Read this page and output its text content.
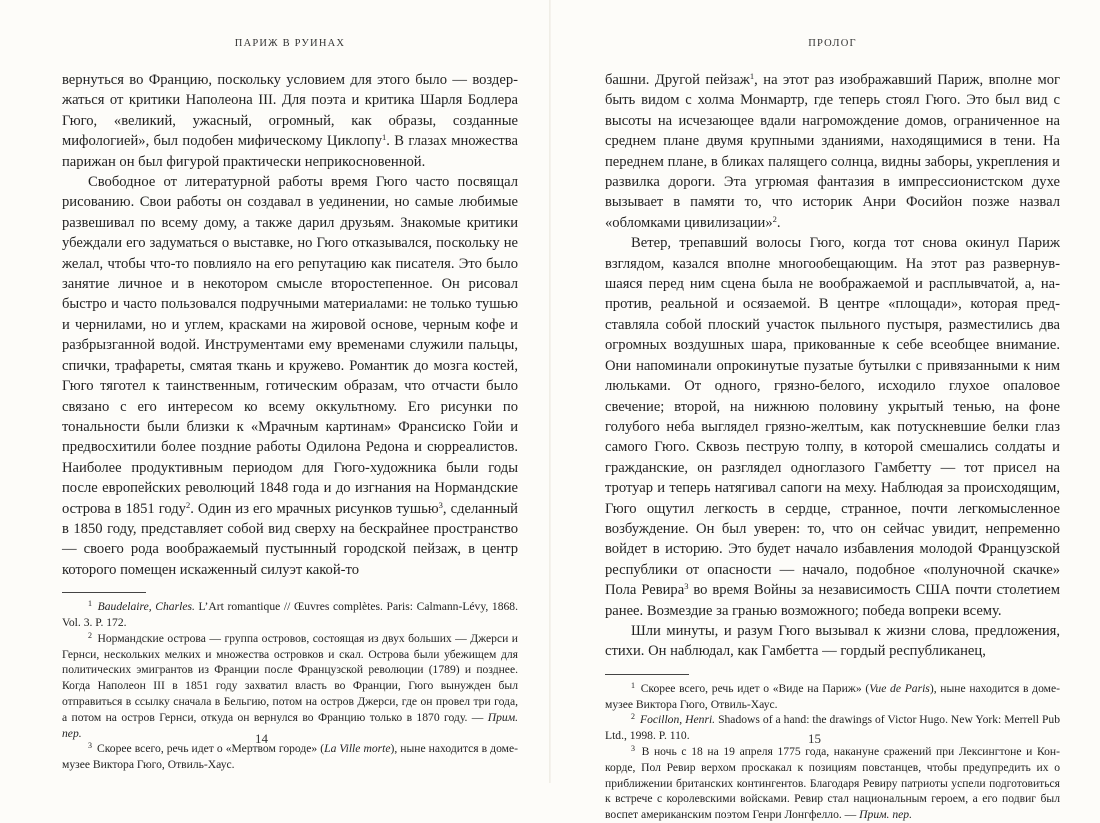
ПАРИЖ В РУИНАХ

вернуться во Францию, поскольку условием для этого было — воздержаться от критики Наполеона III. Для поэта и критика Шарля Бодлера Гюго, «великий, ужасный, огромный, как образы, созданные мифологией», был подобен мифическому Циклопу$^1$. В глазах множества парижан он был фигурой практически неприкосновенной.

Свободное от литературной работы время Гюго часто посвящал рисованию. Свои работы он создавал в уединении, но самые любимые развешивал по всему дому, а также дарил друзьям. Знакомые критики убеждали его задуматься о выставке, но Гюго отказывался, поскольку не желал, чтобы что-то повлияло на его репутацию как писателя. Это было занятие личное и в некотором смысле второстепенное. Он рисовал быстро и часто пользовался подручными материалами: не только тушью и чернилами, но и углем, красками на жировой основе, черным кофе и разбрызганной водой. Инструментами ему временами служили пальцы, спички, трафареты, смятая ткань и кружево. Романтик до мозга костей, Гюго тяготел к таинственным, готическим образам, что отчасти было связано с его интересом ко всему оккультному. Его рисунки по тональности были близки к «Мрачным картинам» Франсиско Гойи и предвосхитили более поздние работы Одилона Редона и сюрреалистов. Наиболее продуктивным периодом для Гюго-художника были годы после европейских революций 1848 года и до изгнания на Нормандские острова в 1851 году$^2$. Один из его мрачных рисунков тушью$^3$, сделанный в 1850 году, представляет собой вид сверху на бескрайнее пространство — своего рода воображаемый пустынный городской пейзаж, в центр которого помещен искаженный силуэт какой-то

$^1$ Baudelaire, Charles. L’Art romantique // Œuvres complètes. Paris: Calmann-Lévy, 1868. Vol. 3. P. 172.

$^2$ Нормандские острова — группа островов, состоящая из двух больших — Джерси и Гернси, нескольких мелких и множества островков и скал. Острова были убежищем для политических эмигрантов из Франции после Французской революции (1789) и позднее. Когда Наполеон III в 1851 году захватил власть во Франции, Гюго вынужден был отправиться в ссылку сначала в Бельгию, потом на остров Джерси, где он провел три года, а потом на остров Гернси, откуда он вернулся во Францию только в 1870 году. — Прим. пер.

$^3$ Скорее всего, речь идет о «Мертвом городе» (La Ville morte), ныне находится в доме-музее Виктора Гюго, Отвиль-Хаус.

14
ПРОЛОГ

башни. Другой пейзаж$^1$, на этот раз изображавший Париж, вполне мог быть видом с холма Монмартр, где теперь стоял Гюго. Это был вид с высоты на исчезающее вдали нагромождение домов, ограниченное на среднем плане двумя крупными зданиями, находящимися в тени. На переднем плане, в бликах палящего солнца, видны заборы, укрепления и развилка дороги. Эта угрюмая фантазия в импрессионистском духе вызывает в памяти то, что историк Анри Фосийон позже назвал «обломками цивилизации»$^2$.

Ветер, трепавший волосы Гюго, когда тот снова окинул Париж взглядом, казался вполне многообещающим. На этот раз развернувшаяся перед ним сцена была не воображаемой и расплывчатой, а, напротив, реальной и осязаемой. В центре «площади», которая представляла собой плоский участок пыльного пустыря, разместились два огромных воздушных шара, прикованные к себе всеобщее внимание. Они напоминали опрокинутые пузатые бутылки с привязанными к ним люльками. От одного, грязно-белого, исходило глухое опаловое свечение; второй, на нижнюю половину укрытый тенью, на фоне голубого неба выглядел грязно-желтым, как потускневшие белки глаз самого Гюго. Сквозь пеструю толпу, в которой смешались солдаты и гражданские, он разглядел одноглазого Гамбетту — тот присел на тротуар и теперь натягивал сапоги на меху. Наблюдая за происходящим, Гюго ощутил легкость в сердце, странное, почти легкомысленное возбуждение. Он был уверен: то, что он сейчас увидит, непременно войдет в историю. Это будет начало избавления молодой Французской республики от опасности — начало, подобное «полуночной скачке» Пола Ревира$^3$ во время Войны за независимость США почти столетием ранее. Возмездие за гранью возможного; победа вопреки всему.

Шли минуты, и разум Гюго вызывал к жизни слова, предложения, стихи. Он наблюдал, как Гамбетта — гордый республиканец,

$^1$ Скорее всего, речь идет о «Виде на Париж» (Vue de Paris), ныне находится в доме-музее Виктора Гюго, Отвиль-Хаус.

$^2$ Focillon, Henri. Shadows of a hand: the drawings of Victor Hugo. New York: Merrell Pub Ltd., 1998. P. 110.

$^3$ В ночь с 18 на 19 апреля 1775 года, накануне сражений при Лексингтоне и Конкорде, Пол Ревир верхом проскакал к позициям повстанцев, чтобы предупредить их о приближении британских контингентов. Благодаря Ревиру патриоты успели подготовиться к встрече с королевскими войсками. Ревир стал национальным героем, а его подвиг был воспет американским поэтом Генри Лонгфелло. — Прим. пер.

15
